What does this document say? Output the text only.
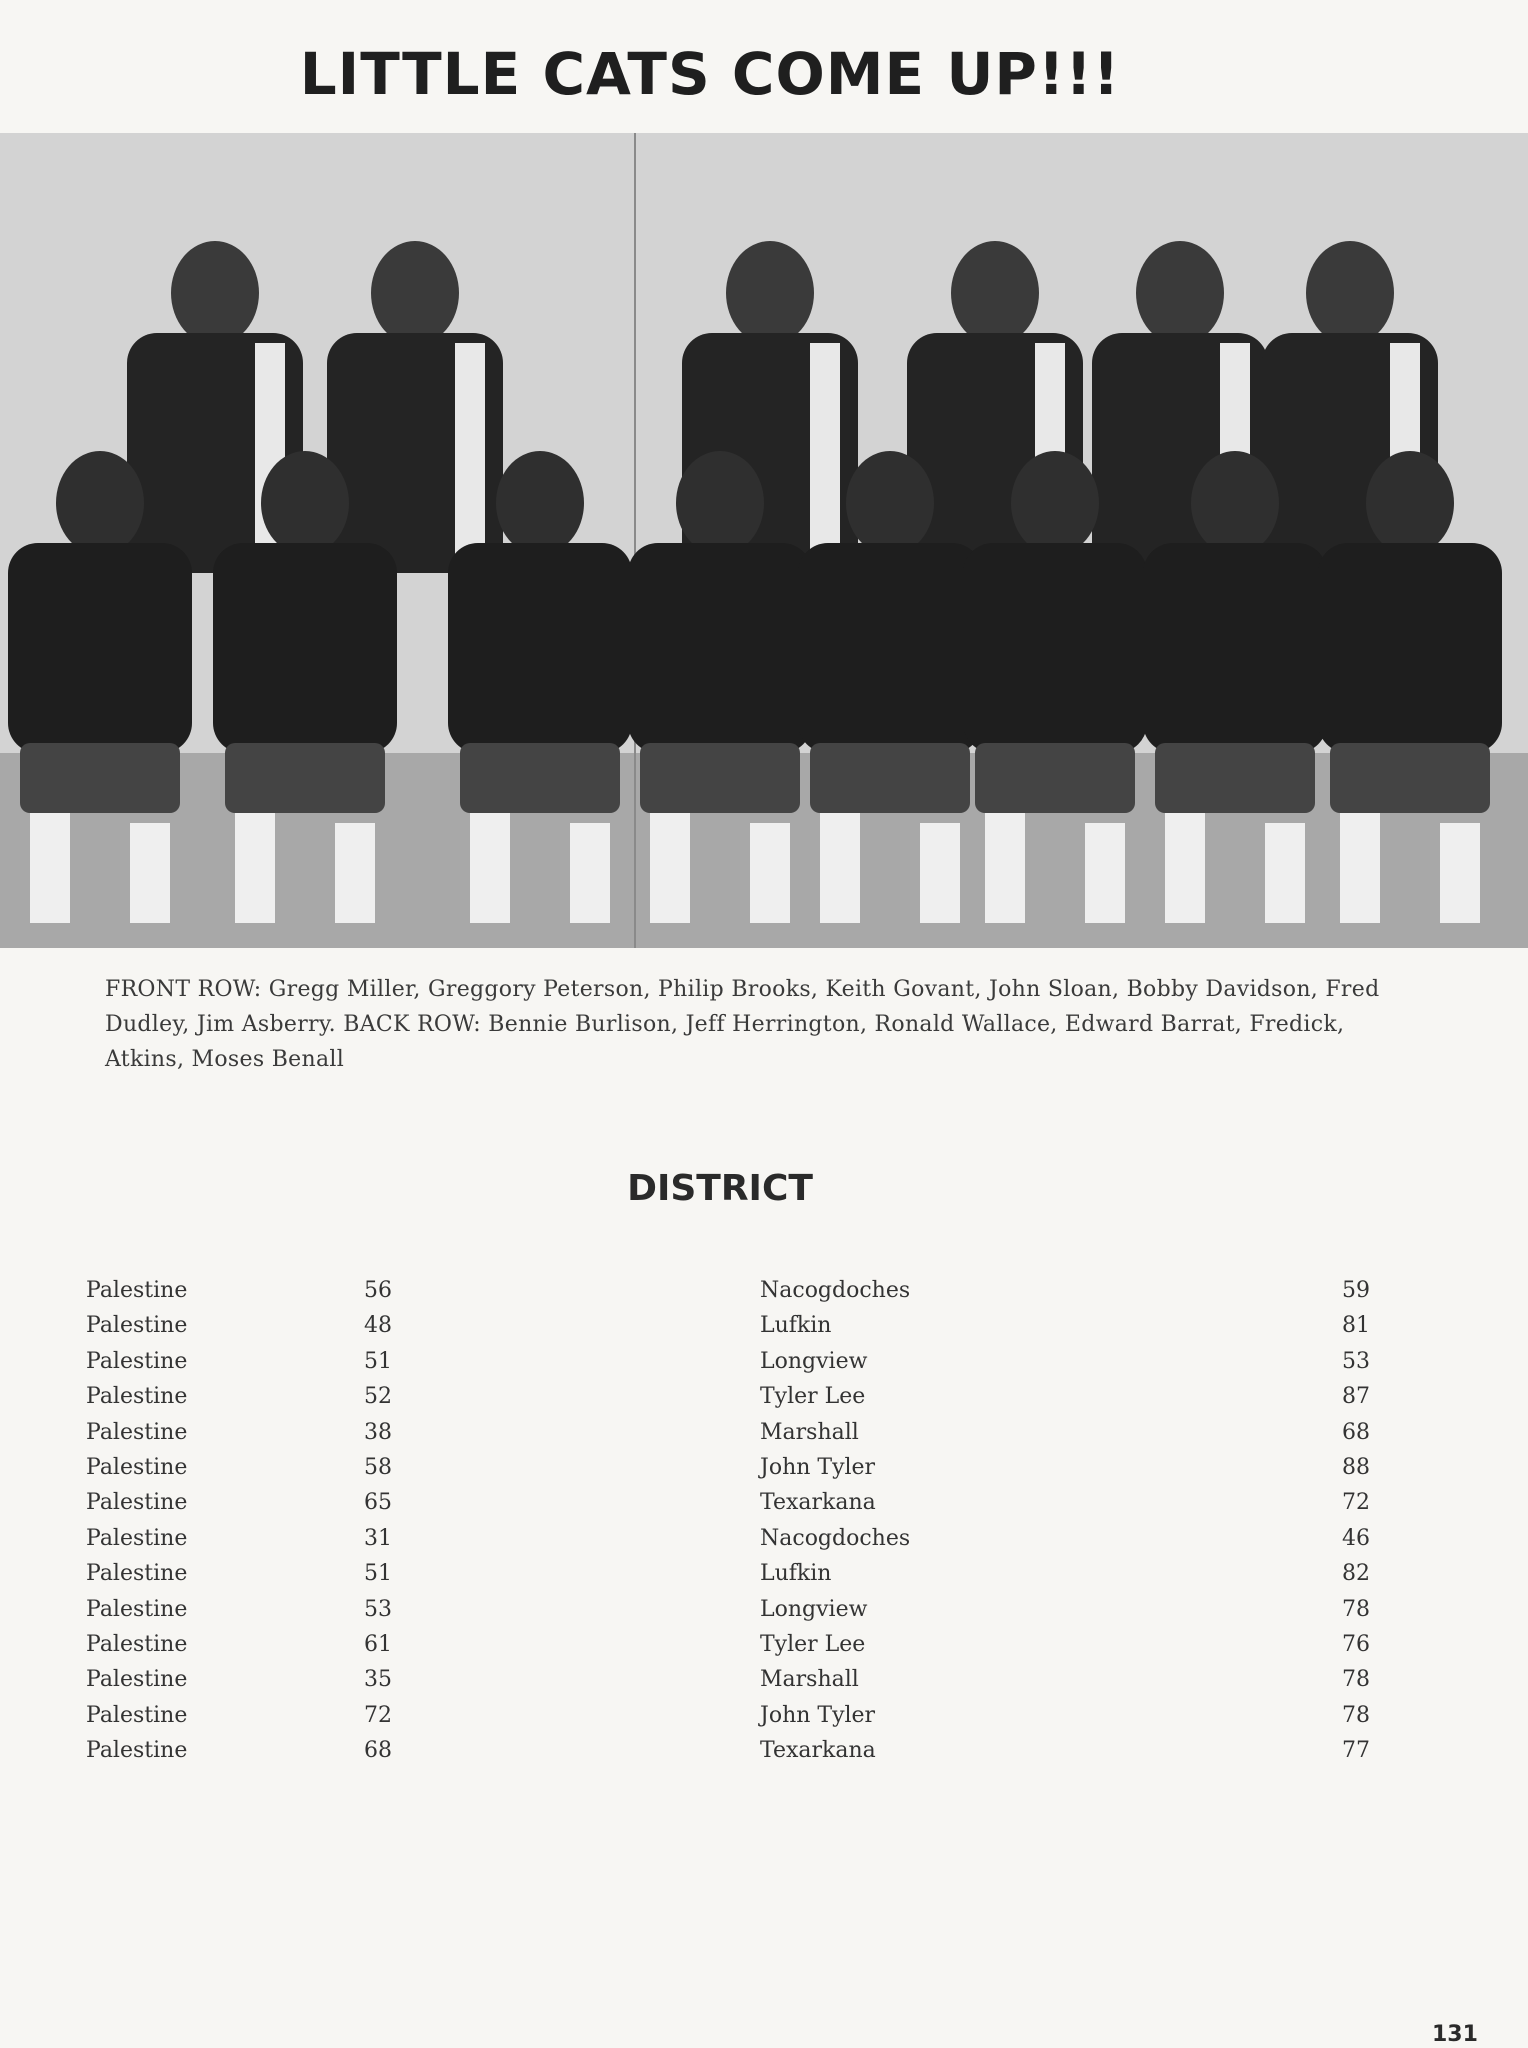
LITTLE CATS COME UP!!!
FRONT ROW: Gregg Miller, Greggory Peterson, Philip Brooks, Keith Govant, John Sloan, Bobby Davidson, Fred Dudley, Jim Asberry. BACK ROW: Bennie Burlison, Jeff Herrington, Ronald Wallace, Edward Barrat, Fredick, Atkins, Moses Benall
DISTRICT
Palestine	56	Nacogdoches	59
Palestine	48	Lufkin	81
Palestine	51	Longview	53
Palestine	52	Tyler Lee	87
Palestine	38	Marshall	68
Palestine	58	John Tyler	88
Palestine	65	Texarkana	72
Palestine	31	Nacogdoches	46
Palestine	51	Lufkin	82
Palestine	53	Longview	78
Palestine	61	Tyler Lee	76
Palestine	35	Marshall	78
Palestine	72	John Tyler	78
Palestine	68	Texarkana	77
131
